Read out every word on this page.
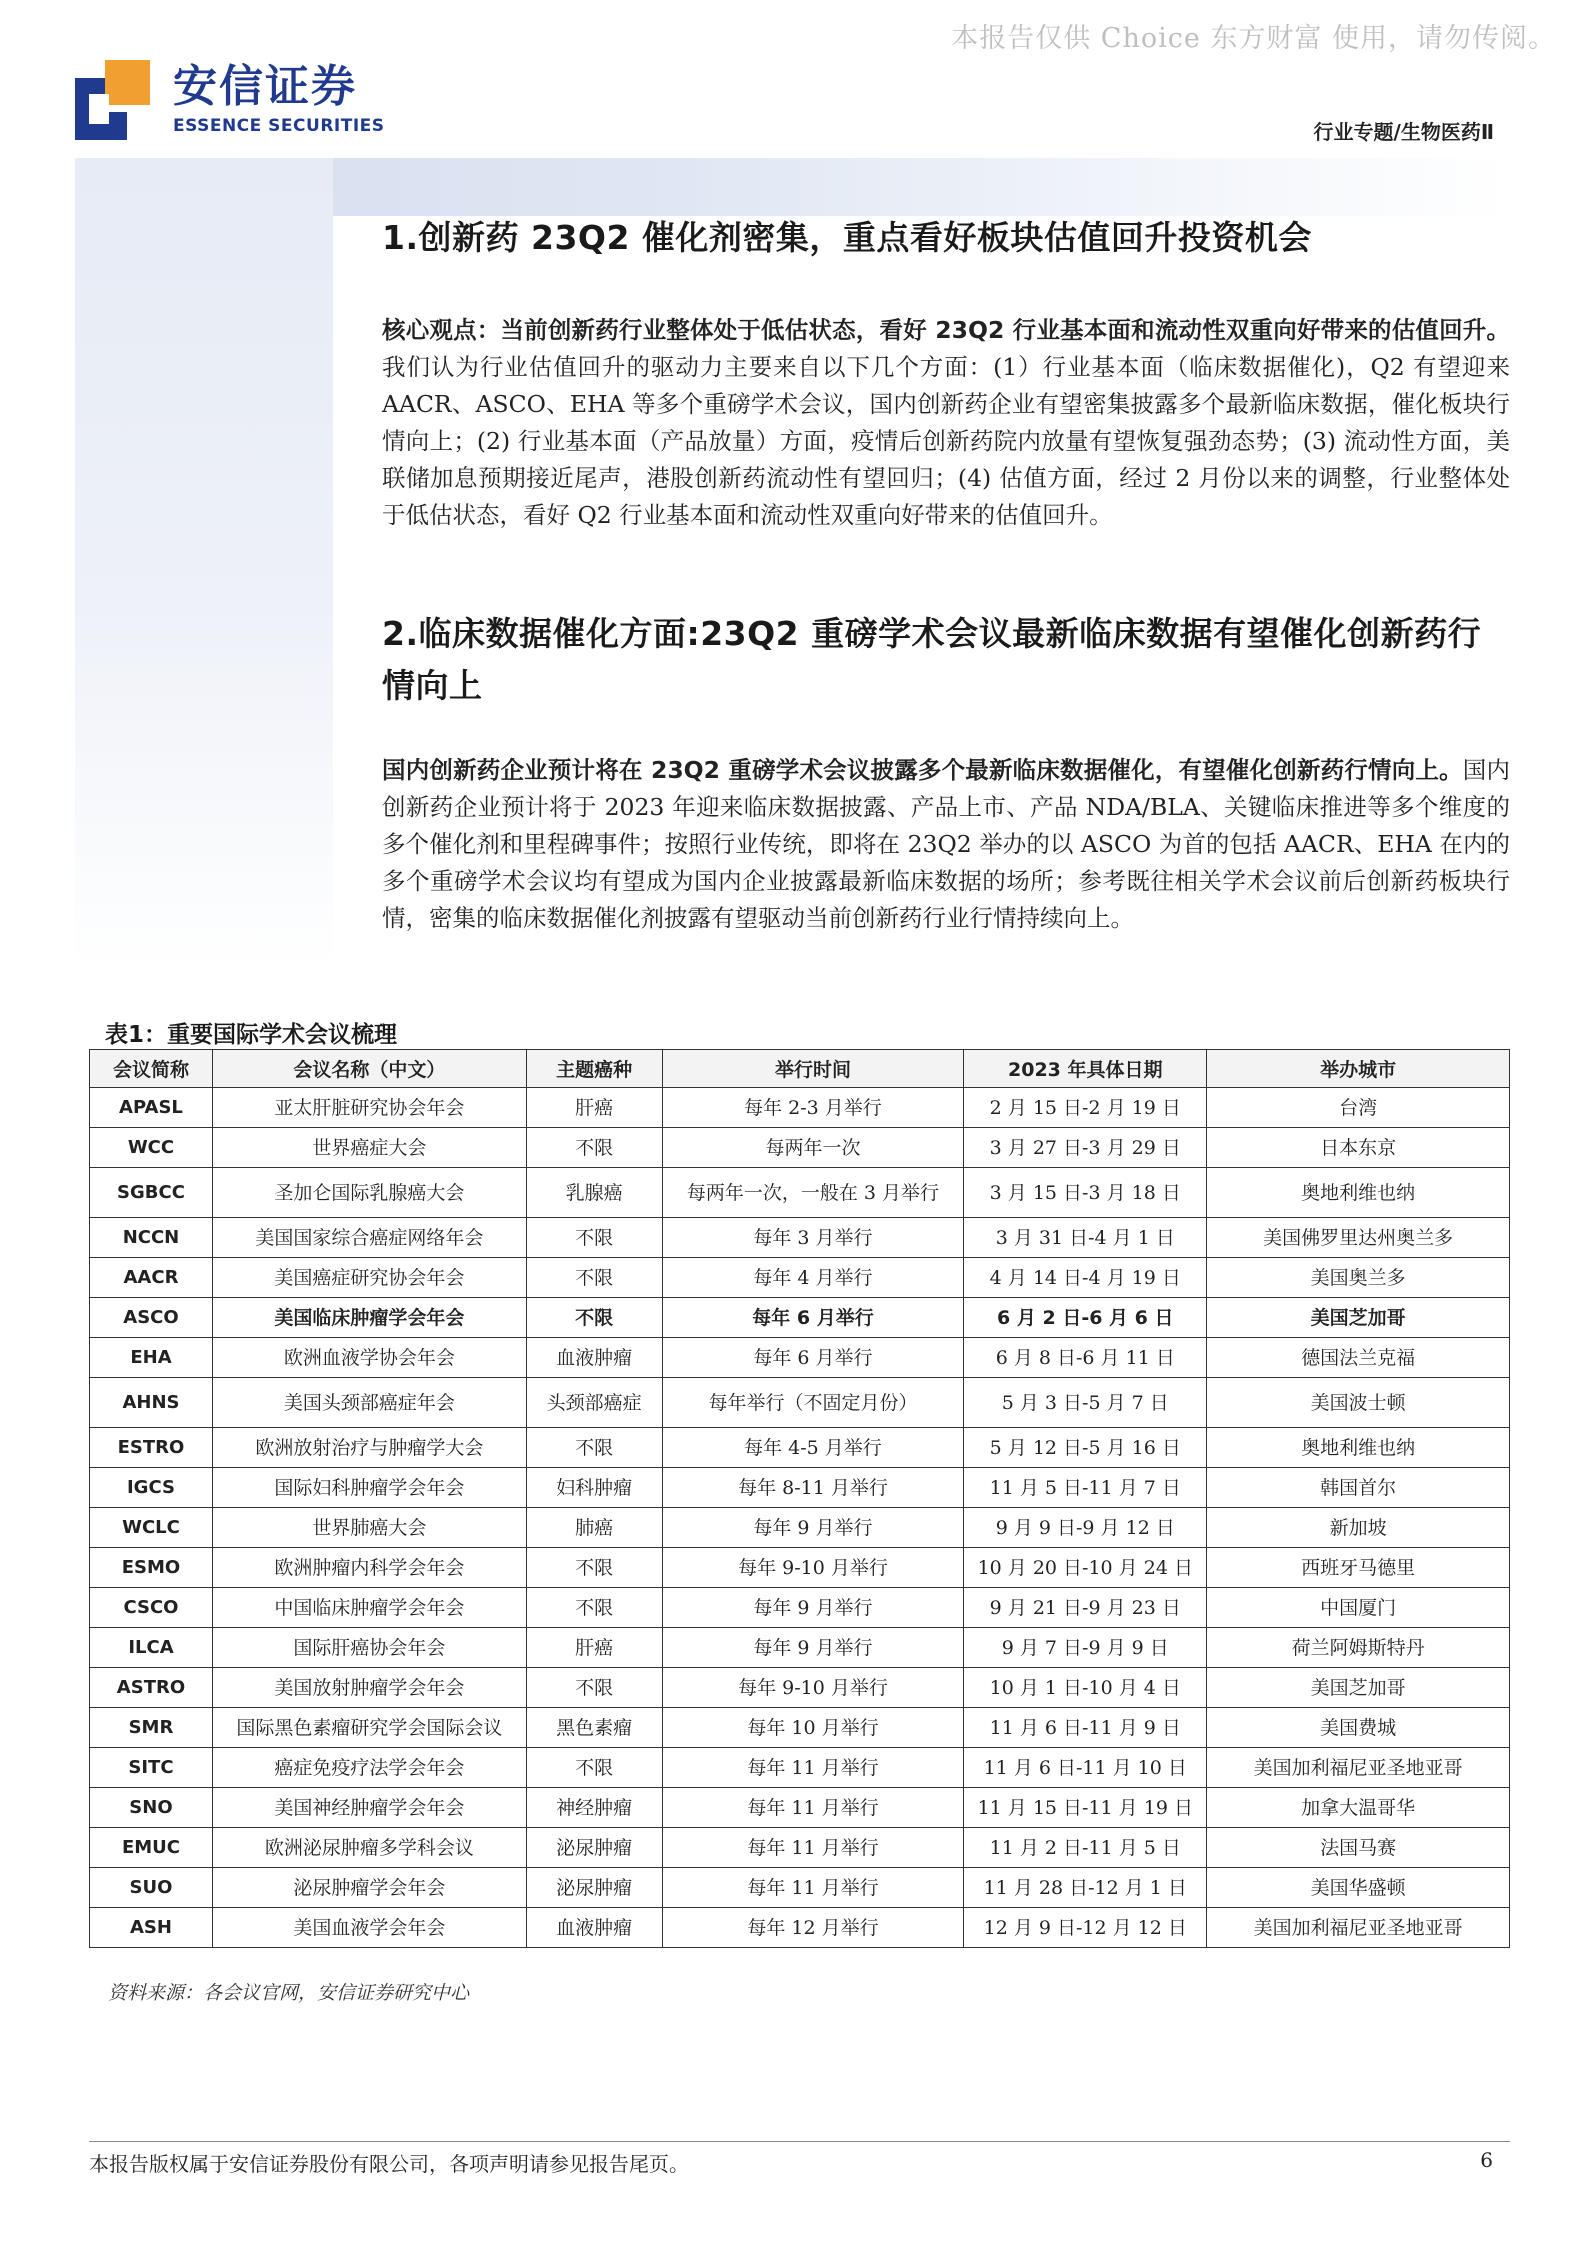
本报告仅供 Choice 东方财富 使用，请勿传阅。
安信证券
ESSENCE SECURITIES	行业专题/生物医药Ⅱ
1.创新药 23Q2 催化剂密集，重点看好板块估值回升投资机会

核心观点：当前创新药行业整体处于低估状态，看好 23Q2 行业基本面和流动性双重向好带来的估值回升。我们认为行业估值回升的驱动力主要来自以下几个方面：(1）行业基本面（临床数据催化)，Q2 有望迎来 AACR、ASCO、EHA 等多个重磅学术会议，国内创新药企业有望密集披露多个最新临床数据，催化板块行情向上；(2) 行业基本面（产品放量）方面，疫情后创新药院内放量有望恢复强劲态势；(3) 流动性方面，美联储加息预期接近尾声，港股创新药流动性有望回归；(4) 估值方面，经过 2 月份以来的调整，行业整体处于低估状态，看好 Q2 行业基本面和流动性双重向好带来的估值回升。

2.临床数据催化方面:23Q2 重磅学术会议最新临床数据有望催化创新药行情向上

国内创新药企业预计将在 23Q2 重磅学术会议披露多个最新临床数据催化，有望催化创新药行情向上。国内创新药企业预计将于 2023 年迎来临床数据披露、产品上市、产品 NDA/BLA、关键临床推进等多个维度的多个催化剂和里程碑事件；按照行业传统，即将在 23Q2 举办的以 ASCO 为首的包括 AACR、EHA 在内的多个重磅学术会议均有望成为国内企业披露最新临床数据的场所；参考既往相关学术会议前后创新药板块行情，密集的临床数据催化剂披露有望驱动当前创新药行业行情持续向上。

表1：重要国际学术会议梳理
会议简称	会议名称（中文）	主题癌种	举行时间	2023 年具体日期	举办城市
APASL	亚太肝脏研究协会年会	肝癌	每年 2-3 月举行	2 月 15 日-2 月 19 日	台湾
WCC	世界癌症大会	不限	每两年一次	3 月 27 日-3 月 29 日	日本东京
SGBCC	圣加仑国际乳腺癌大会	乳腺癌	每两年一次，一般在 3 月举行	3 月 15 日-3 月 18 日	奥地利维也纳
NCCN	美国国家综合癌症网络年会	不限	每年 3 月举行	3 月 31 日-4 月 1 日	美国佛罗里达州奥兰多
AACR	美国癌症研究协会年会	不限	每年 4 月举行	4 月 14 日-4 月 19 日	美国奥兰多
ASCO	美国临床肿瘤学会年会	不限	每年 6 月举行	6 月 2 日-6 月 6 日	美国芝加哥
EHA	欧洲血液学协会年会	血液肿瘤	每年 6 月举行	6 月 8 日-6 月 11 日	德国法兰克福
AHNS	美国头颈部癌症年会	头颈部癌症	每年举行（不固定月份）	5 月 3 日-5 月 7 日	美国波士顿
ESTRO	欧洲放射治疗与肿瘤学大会	不限	每年 4-5 月举行	5 月 12 日-5 月 16 日	奥地利维也纳
IGCS	国际妇科肿瘤学会年会	妇科肿瘤	每年 8-11 月举行	11 月 5 日-11 月 7 日	韩国首尔
WCLC	世界肺癌大会	肺癌	每年 9 月举行	9 月 9 日-9 月 12 日	新加坡
ESMO	欧洲肿瘤内科学会年会	不限	每年 9-10 月举行	10 月 20 日-10 月 24 日	西班牙马德里
CSCO	中国临床肿瘤学会年会	不限	每年 9 月举行	9 月 21 日-9 月 23 日	中国厦门
ILCA	国际肝癌协会年会	肝癌	每年 9 月举行	9 月 7 日-9 月 9 日	荷兰阿姆斯特丹
ASTRO	美国放射肿瘤学会年会	不限	每年 9-10 月举行	10 月 1 日-10 月 4 日	美国芝加哥
SMR	国际黑色素瘤研究学会国际会议	黑色素瘤	每年 10 月举行	11 月 6 日-11 月 9 日	美国费城
SITC	癌症免疫疗法学会年会	不限	每年 11 月举行	11 月 6 日-11 月 10 日	美国加利福尼亚圣地亚哥
SNO	美国神经肿瘤学会年会	神经肿瘤	每年 11 月举行	11 月 15 日-11 月 19 日	加拿大温哥华
EMUC	欧洲泌尿肿瘤多学科会议	泌尿肿瘤	每年 11 月举行	11 月 2 日-11 月 5 日	法国马赛
SUO	泌尿肿瘤学会年会	泌尿肿瘤	每年 11 月举行	11 月 28 日-12 月 1 日	美国华盛顿
ASH	美国血液学会年会	血液肿瘤	每年 12 月举行	12 月 9 日-12 月 12 日	美国加利福尼亚圣地亚哥
资料来源：各会议官网，安信证券研究中心
本报告版权属于安信证券股份有限公司，各项声明请参见报告尾页。	6
